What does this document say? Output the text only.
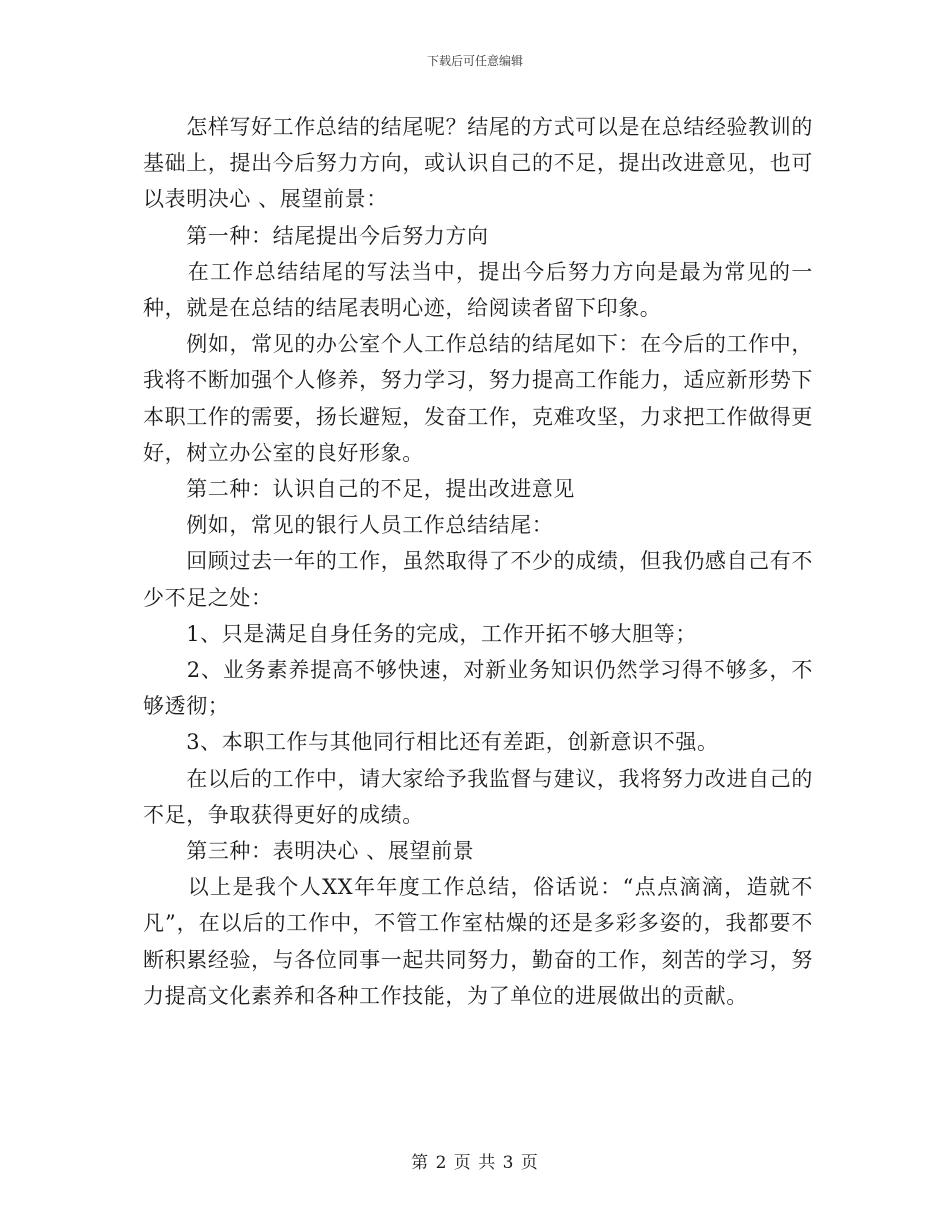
下载后可任意编辑

　　怎样写好工作总结的结尾呢？结尾的方式可以是在总结经验教训的基础上，提出今后努力方向，或认识自己的不足，提出改进意见，也可以表明决心 、展望前景：

　　第一种：结尾提出今后努力方向

　　在工作总结结尾的写法当中，提出今后努力方向是最为常见的一种，就是在总结的结尾表明心迹，给阅读者留下印象。

　　例如，常见的办公室个人工作总结的结尾如下：在今后的工作中，我将不断加强个人修养，努力学习，努力提高工作能力，适应新形势下本职工作的需要，扬长避短，发奋工作，克难攻坚，力求把工作做得更好，树立办公室的良好形象。

　　第二种：认识自己的不足，提出改进意见

　　例如，常见的银行人员工作总结结尾：

　　回顾过去一年的工作，虽然取得了不少的成绩，但我仍感自己有不少不足之处：

　　1、只是满足自身任务的完成，工作开拓不够大胆等；

　　2、业务素养提高不够快速，对新业务知识仍然学习得不够多，不够透彻；

　　3、本职工作与其他同行相比还有差距，创新意识不强。

　　在以后的工作中，请大家给予我监督与建议，我将努力改进自己的不足，争取获得更好的成绩。

　　第三种：表明决心 、展望前景

　　以上是我个人XX年年度工作总结，俗话说：“点点滴滴，造就不凡”，在以后的工作中，不管工作室枯燥的还是多彩多姿的，我都要不断积累经验，与各位同事一起共同努力，勤奋的工作，刻苦的学习，努力提高文化素养和各种工作技能，为了单位的进展做出的贡献。

第 2 页 共 3 页
